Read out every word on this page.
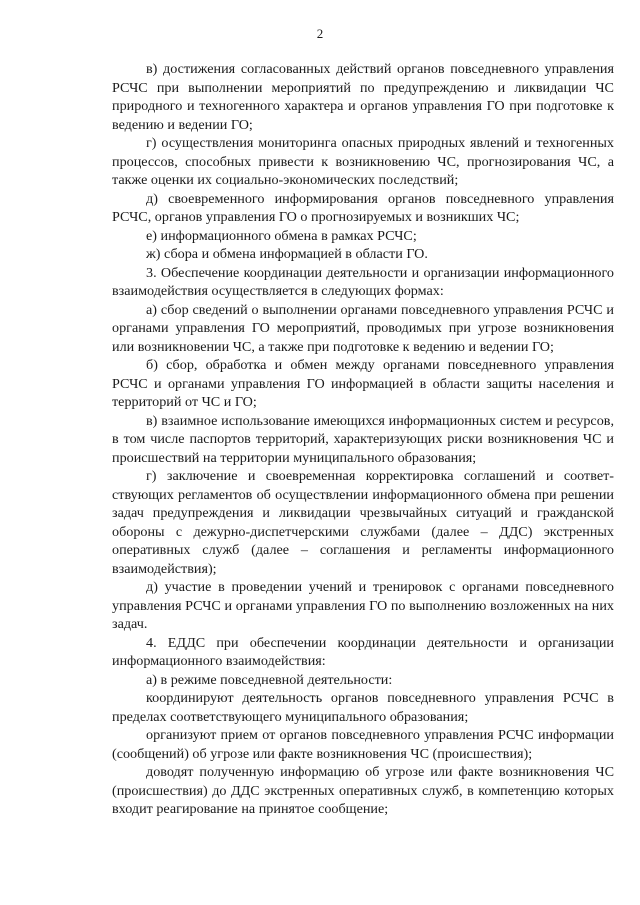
2

в) достижения согласованных действий органов повседневного управления РСЧС при выполнении мероприятий по предупреждению и ликвидации ЧС природного и техногенного характера и органов управления ГО при подготовке к ведению и ведении ГО;

г) осуществления мониторинга опасных природных явлений и техногенных процессов, способных привести к возникновению ЧС, прогнозирования ЧС, а также оценки их социально-экономических последствий;

д) своевременного информирования органов повседневного управления РСЧС, органов управления ГО о прогнозируемых и возникших ЧС;

е) информационного обмена в рамках РСЧС;

ж) сбора и обмена информацией в области ГО.

3. Обеспечение координации деятельности и организации информационного взаимодействия осуществляется в следующих формах:

а) сбор сведений о выполнении органами повседневного управления РСЧС и органами управления ГО мероприятий, проводимых при угрозе возникновения или возникновении ЧС, а также при подготовке к ведению и ведении ГО;

б) сбор, обработка и обмен между органами повседневного управления РСЧС и органами управления ГО информацией в области защиты населения и территорий от ЧС и ГО;

в) взаимное использование имеющихся информационных систем и ресурсов, в том числе паспортов территорий, характеризующих риски возникновения ЧС и происшествий на территории муниципального образования;

г) заключение и своевременная корректировка соглашений и соответствующих регламентов об осуществлении информационного обмена при решении задач предупреждения и ликвидации чрезвычайных ситуаций и гражданской обороны с дежурно-диспетчерскими службами (далее – ДДС) экстренных оперативных служб (далее – соглашения и регламенты информационного взаимодействия);

д) участие в проведении учений и тренировок с органами повседневного управления РСЧС и органами управления ГО по выполнению возложенных на них задач.

4. ЕДДС при обеспечении координации деятельности и организации информационного взаимодействия:

а) в режиме повседневной деятельности:

координируют деятельность органов повседневного управления РСЧС в пределах соответствующего муниципального образования;

организуют прием от органов повседневного управления РСЧС информации (сообщений) об угрозе или факте возникновения ЧС (происшествия);

доводят полученную информацию об угрозе или факте возникновения ЧС (происшествия) до ДДС экстренных оперативных служб, в компетенцию которых входит реагирование на принятое сообщение;
